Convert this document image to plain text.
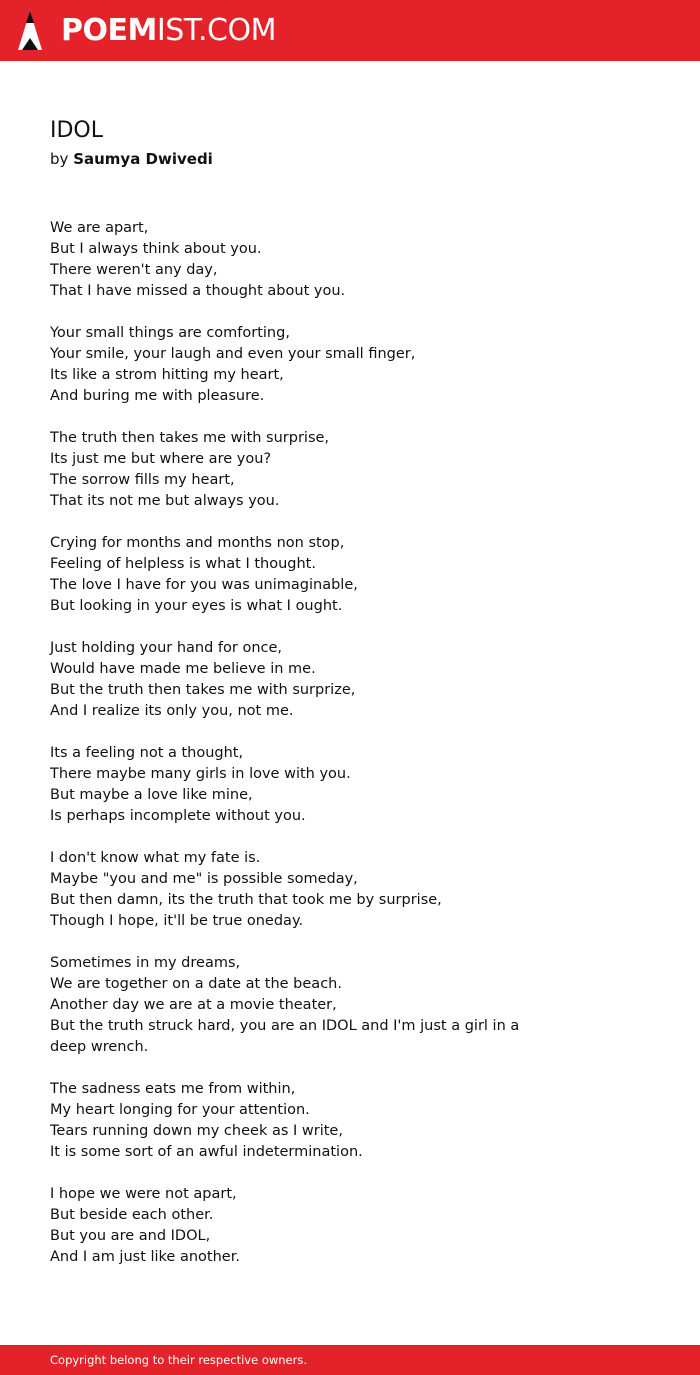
POEMIST.COM
IDOL
by Saumya Dwivedi
We are apart,
But I always think about you.
There weren't any day,
That I have missed a thought about you.
Your small things are comforting,
Your smile, your laugh and even your small finger,
Its like a strom hitting my heart,
And buring me with pleasure.
The truth then takes me with surprise,
Its just me but where are you?
The sorrow fills my heart,
That its not me but always you.
Crying for months and months non stop,
Feeling of helpless is what I thought.
The love I have for you was unimaginable,
But looking in your eyes is what I ought.
Just holding your hand for once,
Would have made me believe in me.
But the truth then takes me with surprize,
And I realize its only you, not me.
Its a feeling not a thought,
There maybe many girls in love with you.
But maybe a love like mine,
Is perhaps incomplete without you.
I don't know what my fate is.
Maybe "you and me" is possible someday,
But then damn, its the truth that took me by surprise,
Though I hope, it'll be true oneday.
Sometimes in my dreams,
We are together on a date at the beach.
Another day we are at a movie theater,
But the truth struck hard, you are an IDOL and I'm just a girl in a deep wrench.
The sadness eats me from within,
My heart longing for your attention.
Tears running down my cheek as I write,
It is some sort of an awful indetermination.
I hope we were not apart,
But beside each other.
But you are and IDOL,
And I am just like another.
Copyright belong to their respective owners.
